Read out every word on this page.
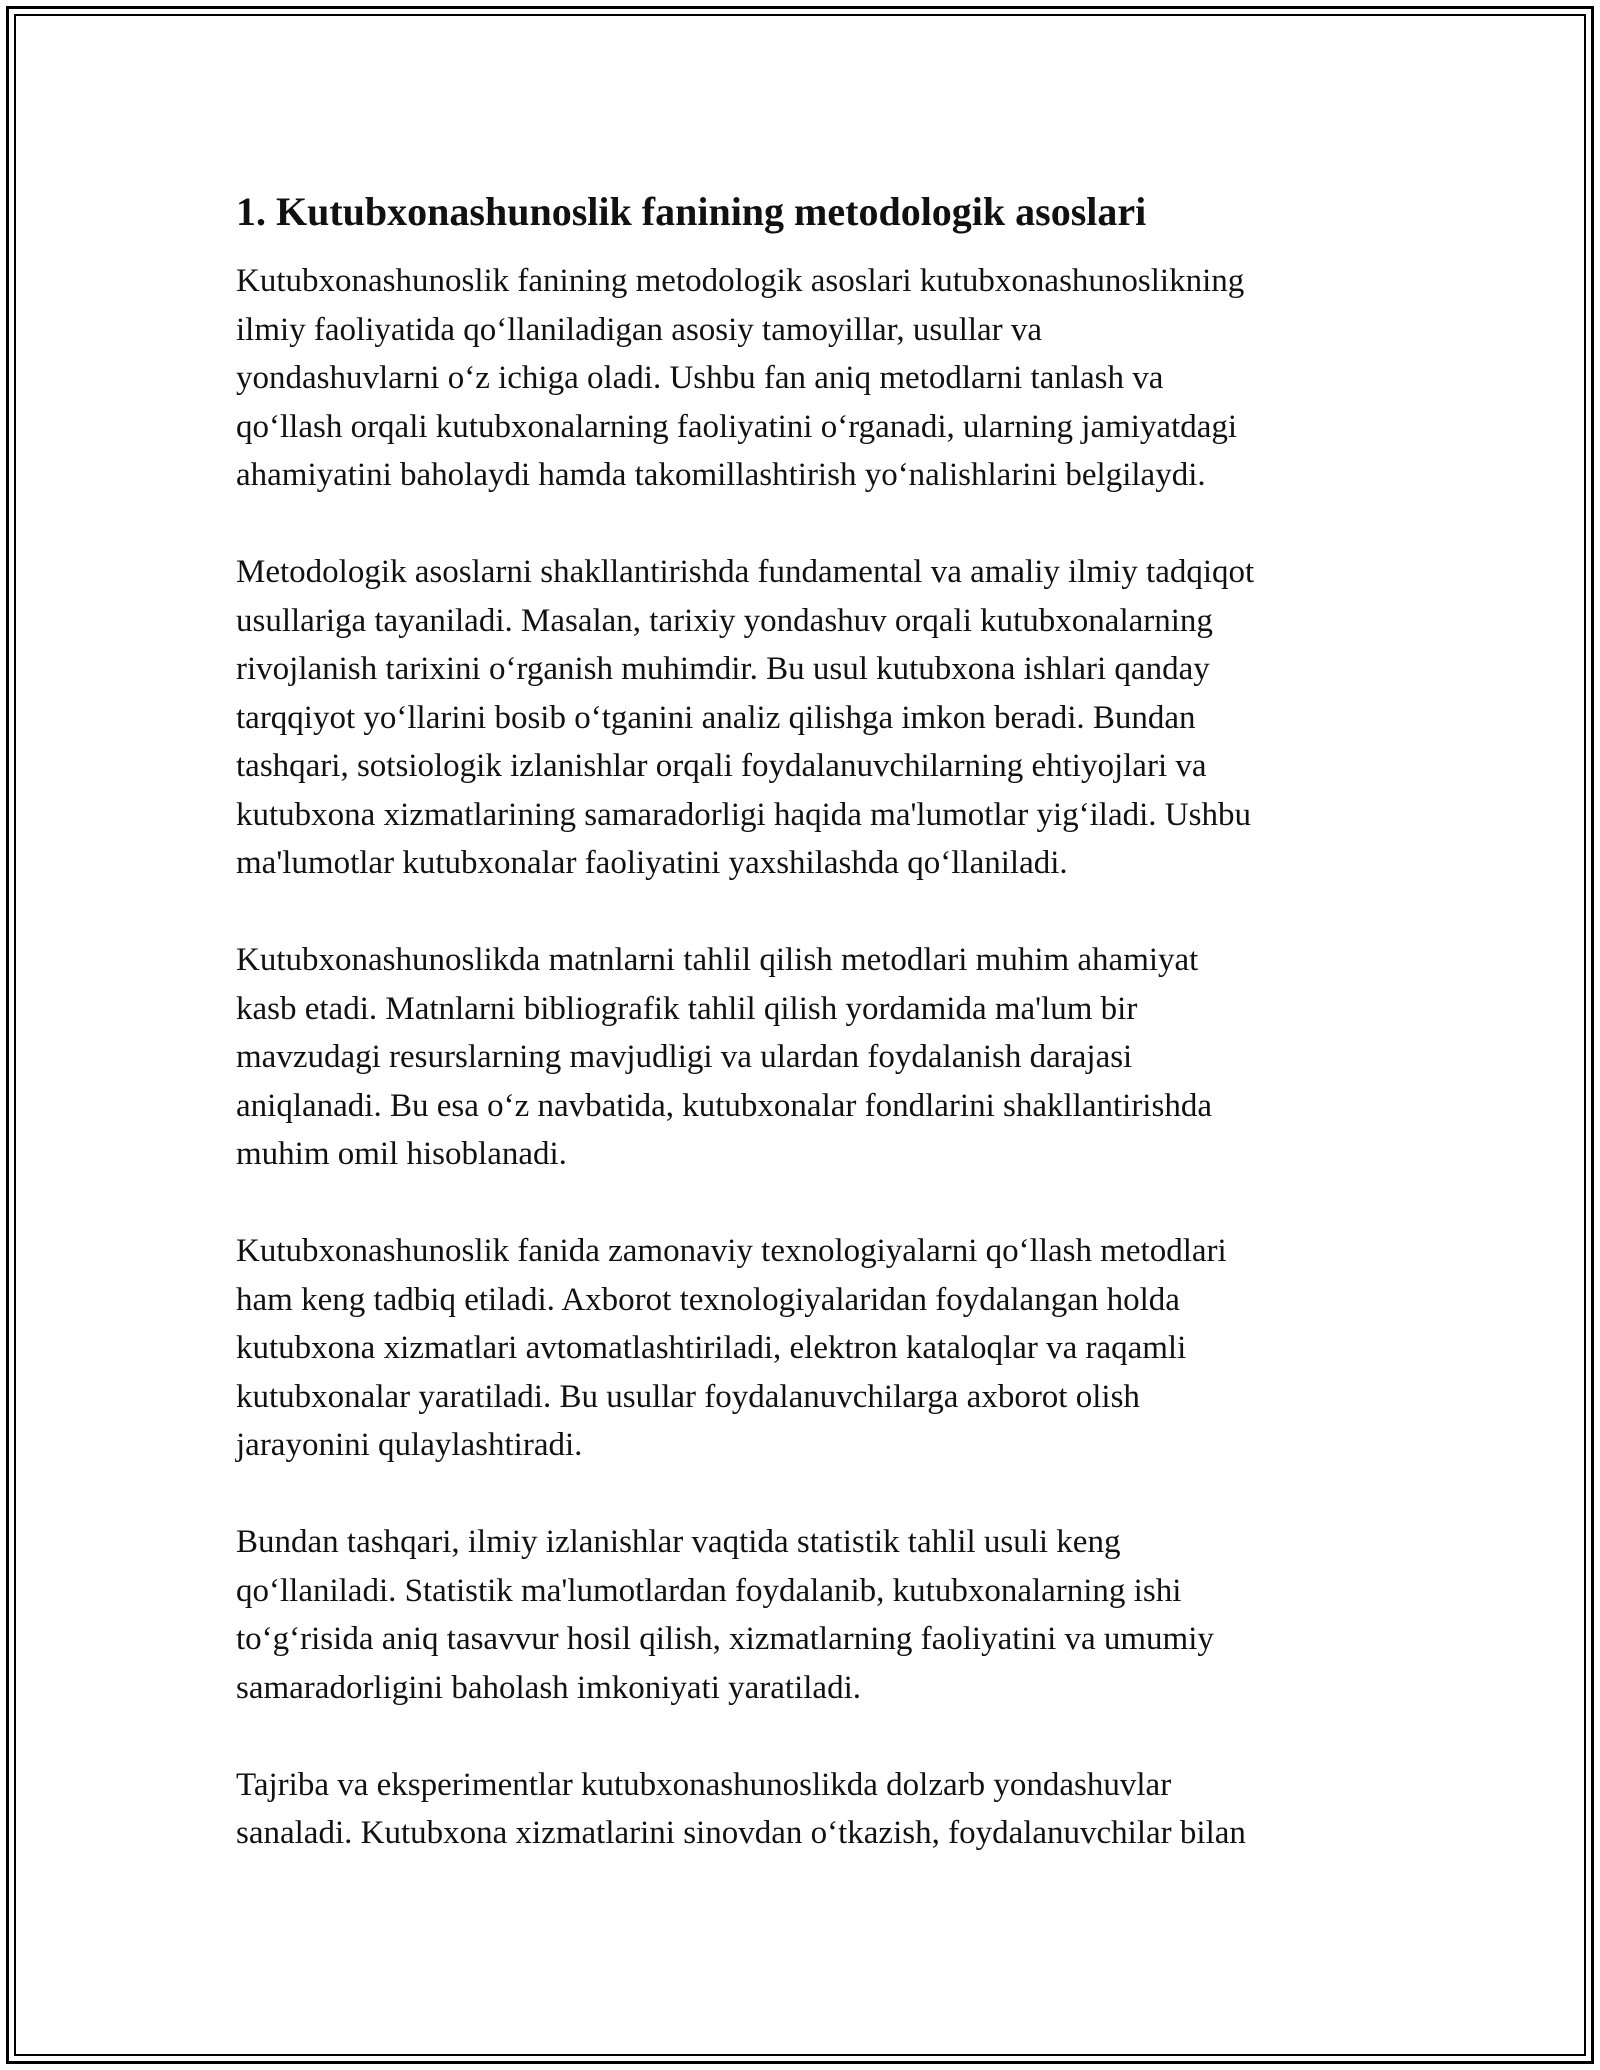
1. Kutubxonashunoslik fanining metodologik asoslari

Kutubxonashunoslik fanining metodologik asoslari kutubxonashunoslikning
ilmiy faoliyatida qo‘llaniladigan asosiy tamoyillar, usullar va
yondashuvlarni o‘z ichiga oladi. Ushbu fan aniq metodlarni tanlash va
qo‘llash orqali kutubxonalarning faoliyatini o‘rganadi, ularning jamiyatdagi
ahamiyatini baholaydi hamda takomillashtirish yo‘nalishlarini belgilaydi.

Metodologik asoslarni shakllantirishda fundamental va amaliy ilmiy tadqiqot
usullariga tayaniladi. Masalan, tarixiy yondashuv orqali kutubxonalarning
rivojlanish tarixini o‘rganish muhimdir. Bu usul kutubxona ishlari qanday
tarqqiyot yo‘llarini bosib o‘tganini analiz qilishga imkon beradi. Bundan
tashqari, sotsiologik izlanishlar orqali foydalanuvchilarning ehtiyojlari va
kutubxona xizmatlarining samaradorligi haqida ma'lumotlar yig‘iladi. Ushbu
ma'lumotlar kutubxonalar faoliyatini yaxshilashda qo‘llaniladi.

Kutubxonashunoslikda matnlarni tahlil qilish metodlari muhim ahamiyat
kasb etadi. Matnlarni bibliografik tahlil qilish yordamida ma'lum bir
mavzudagi resurslarning mavjudligi va ulardan foydalanish darajasi
aniqlanadi. Bu esa o‘z navbatida, kutubxonalar fondlarini shakllantirishda
muhim omil hisoblanadi.

Kutubxonashunoslik fanida zamonaviy texnologiyalarni qo‘llash metodlari
ham keng tadbiq etiladi. Axborot texnologiyalaridan foydalangan holda
kutubxona xizmatlari avtomatlashtiriladi, elektron kataloqlar va raqamli
kutubxonalar yaratiladi. Bu usullar foydalanuvchilarga axborot olish
jarayonini qulaylashtiradi.

Bundan tashqari, ilmiy izlanishlar vaqtida statistik tahlil usuli keng
qo‘llaniladi. Statistik ma'lumotlardan foydalanib, kutubxonalarning ishi
to‘g‘risida aniq tasavvur hosil qilish, xizmatlarning faoliyatini va umumiy
samaradorligini baholash imkoniyati yaratiladi.

Tajriba va eksperimentlar kutubxonashunoslikda dolzarb yondashuvlar
sanaladi. Kutubxona xizmatlarini sinovdan o‘tkazish, foydalanuvchilar bilan
